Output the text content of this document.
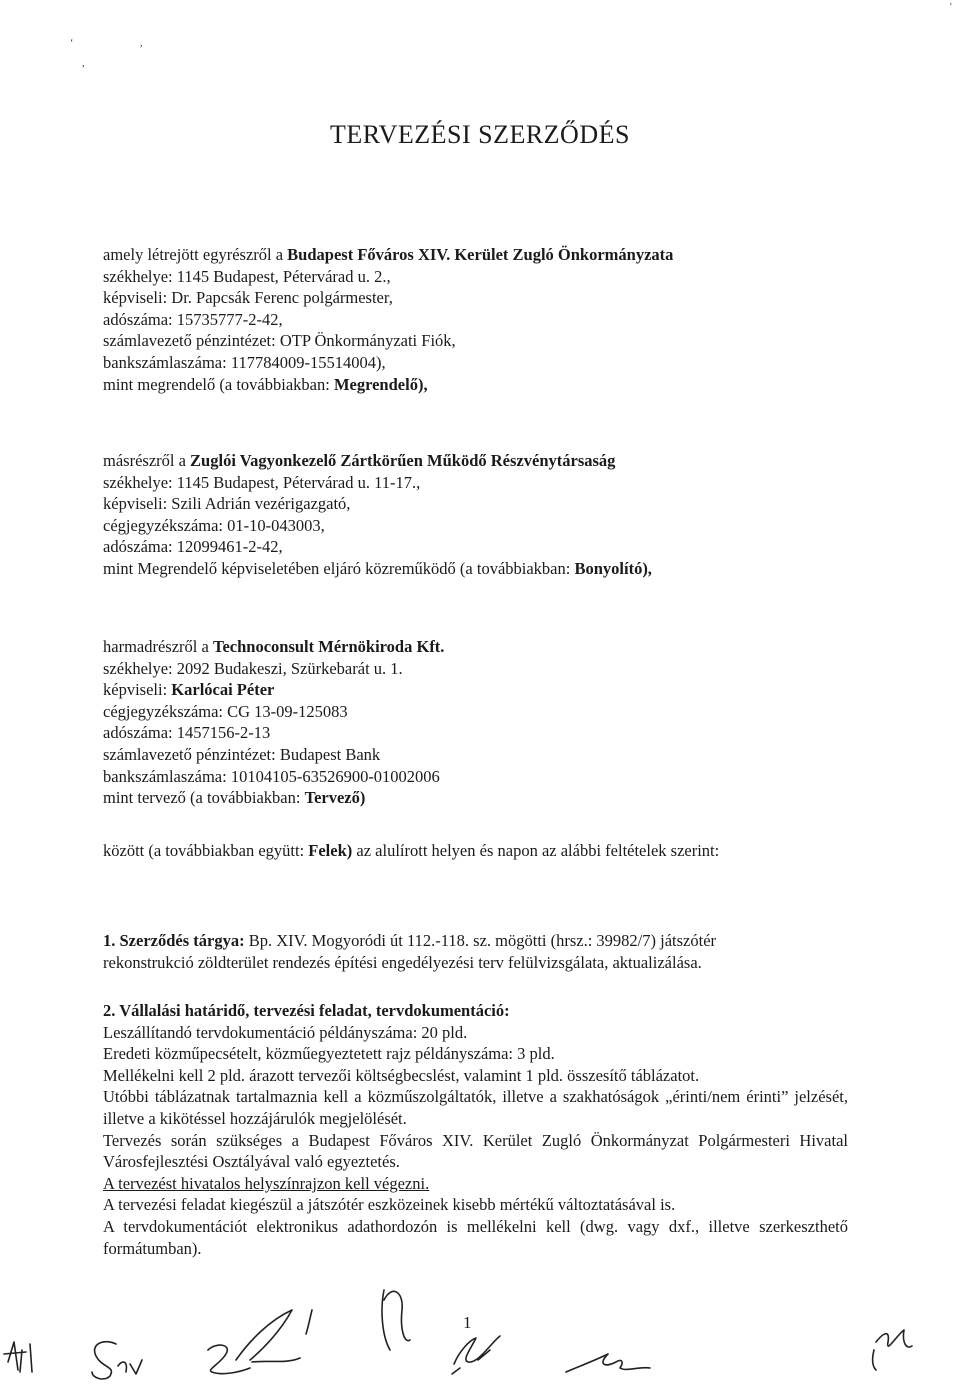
‘	,
,
'
TERVEZÉSI SZERZŐDÉS
amely létrejött egyrészről a Budapest Főváros XIV. Kerület Zugló Önkormányzata
székhelye: 1145 Budapest, Pétervárad u. 2.,
képviseli: Dr. Papcsák Ferenc polgármester,
adószáma: 15735777-2-42,
számlavezető pénzintézet: OTP Önkormányzati Fiók,
bankszámlaszáma: 117784009-15514004),
mint megrendelő (a továbbiakban: Megrendelő),
másrészről a Zuglói Vagyonkezelő Zártkörűen Működő Részvénytársaság
székhelye: 1145 Budapest, Pétervárad u. 11-17.,
képviseli: Szili Adrián vezérigazgató,
cégjegyzékszáma: 01-10-043003,
adószáma: 12099461-2-42,
mint Megrendelő képviseletében eljáró közreműködő (a továbbiakban: Bonyolító),
harmadrészről a Technoconsult Mérnökiroda Kft.
székhelye: 2092 Budakeszi, Szürkebarát u. 1.
képviseli: Karlócai Péter
cégjegyzékszáma: CG 13-09-125083
adószáma: 1457156-2-13
számlavezető pénzintézet: Budapest Bank
bankszámlaszáma: 10104105-63526900-01002006
mint tervező (a továbbiakban: Tervező)
között (a továbbiakban együtt: Felek) az alulírott helyen és napon az alábbi feltételek szerint:
1. Szerződés tárgya: Bp. XIV. Mogyoródi út 112.-118. sz. mögötti (hrsz.: 39982/7) játszótér
rekonstrukció zöldterület rendezés építési engedélyezési terv felülvizsgálata, aktualizálása.
2. Vállalási határidő, tervezési feladat, tervdokumentáció:
Leszállítandó tervdokumentáció példányszáma: 20 pld.
Eredeti közműpecsételt, közműegyeztetett rajz példányszáma: 3 pld.
Mellékelni kell 2 pld. árazott tervezői költségbecslést, valamint 1 pld. összesítő táblázatot.
Utóbbi táblázatnak tartalmaznia kell a közműszolgáltatók, illetve a szakhatóságok „érinti/nem érinti” jelzését, illetve a kikötéssel hozzájárulók megjelölését.
Tervezés során szükséges a Budapest Főváros XIV. Kerület Zugló Önkormányzat Polgármesteri Hivatal Városfejlesztési Osztályával való egyeztetés.
A tervezést hivatalos helyszínrajzon kell végezni.
A tervezési feladat kiegészül a játszótér eszközeinek kisebb mértékű változtatásával is.
A tervdokumentációt elektronikus adathordozón is mellékelni kell (dwg. vagy dxf., illetve szerkeszthető formátumban).
1
